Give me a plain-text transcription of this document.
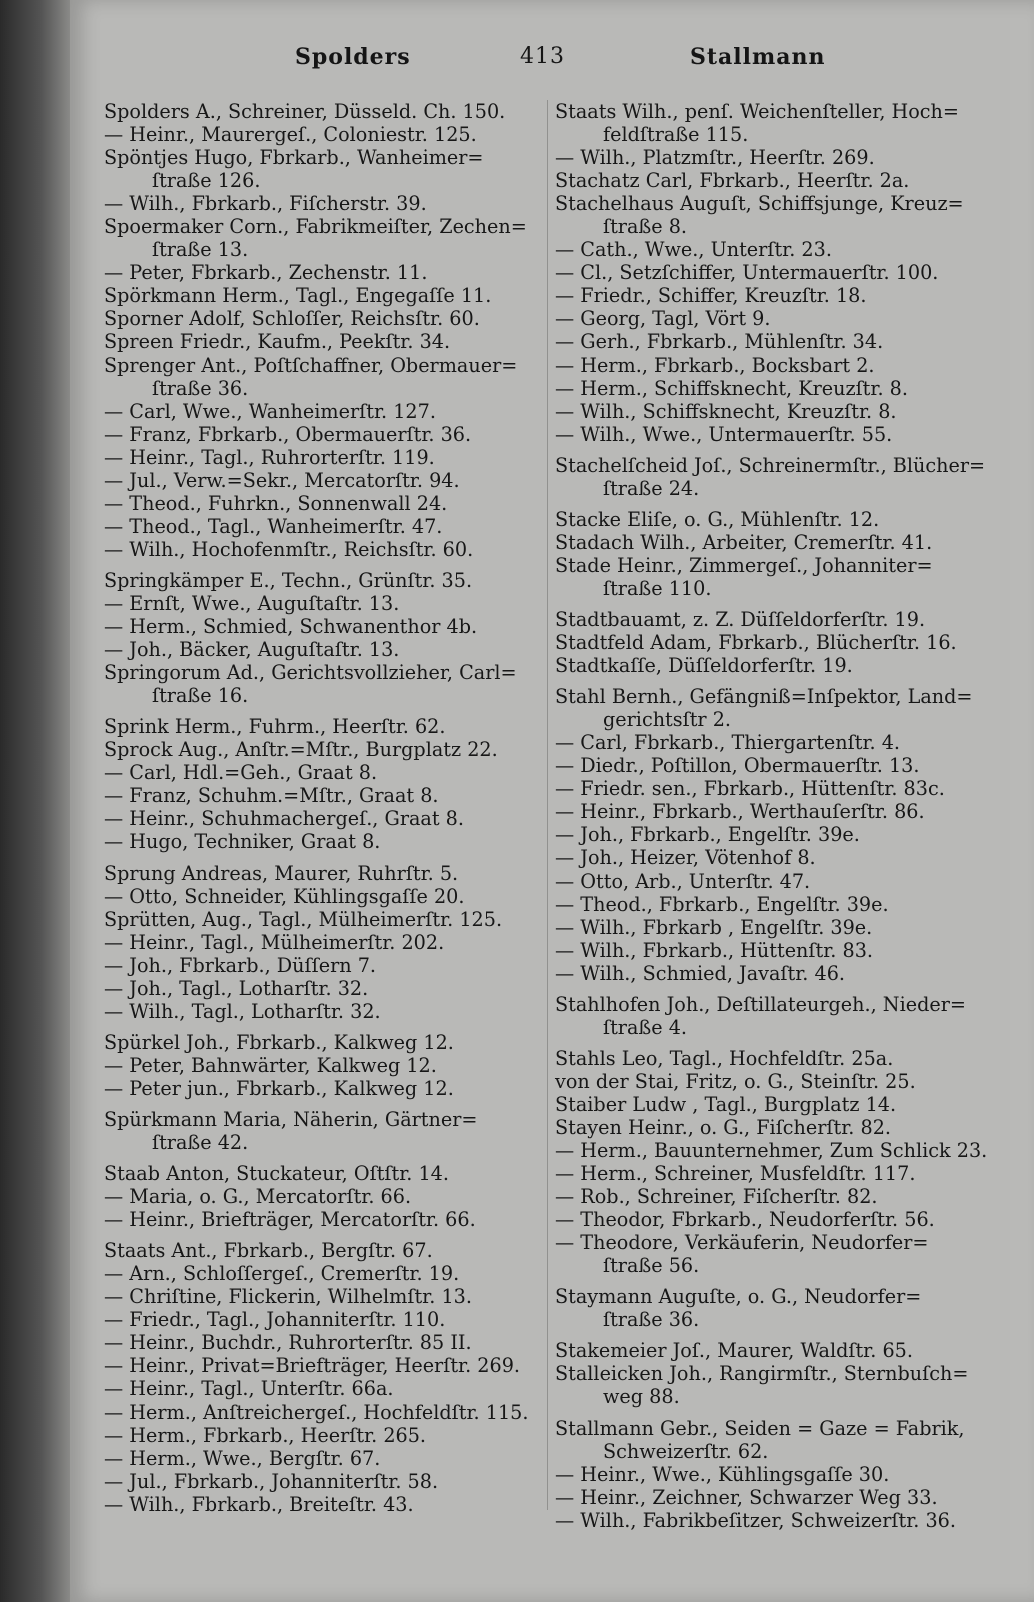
Spolders	413	Stallmann
Spolders A., Schreiner, Düsseld. Ch. 150.
— Heinr., Maurergeſ., Coloniestr. 125.
Spöntjes Hugo, Fbrkarb., Wanheimer=
ſtraße 126.
— Wilh., Fbrkarb., Fiſcherstr. 39.
Spoermaker Corn., Fabrikmeiſter, Zechen=
ſtraße 13.
— Peter, Fbrkarb., Zechenstr. 11.
Spörkmann Herm., Tagl., Engegaſſe 11.
Sporner Adolf, Schloſſer, Reichsſtr. 60.
Spreen Friedr., Kaufm., Peekſtr. 34.
Sprenger Ant., Poſtſchaffner, Obermauer=
ſtraße 36.
— Carl, Wwe., Wanheimerſtr. 127.
— Franz, Fbrkarb., Obermauerſtr. 36.
— Heinr., Tagl., Ruhrorterſtr. 119.
— Jul., Verw.=Sekr., Mercatorſtr. 94.
— Theod., Fuhrkn., Sonnenwall 24.
— Theod., Tagl., Wanheimerſtr. 47.
— Wilh., Hochofenmſtr., Reichsſtr. 60.
Springkämper E., Techn., Grünſtr. 35.
— Ernſt, Wwe., Auguſtaſtr. 13.
— Herm., Schmied, Schwanenthor 4b.
— Joh., Bäcker, Auguſtaſtr. 13.
Springorum Ad., Gerichtsvollzieher, Carl=
ſtraße 16.
Sprink Herm., Fuhrm., Heerſtr. 62.
Sprock Aug., Anſtr.=Mſtr., Burgplatz 22.
— Carl, Hdl.=Geh., Graat 8.
— Franz, Schuhm.=Mſtr., Graat 8.
— Heinr., Schuhmachergeſ., Graat 8.
— Hugo, Techniker, Graat 8.
Sprung Andreas, Maurer, Ruhrſtr. 5.
— Otto, Schneider, Kühlingsgaſſe 20.
Sprütten, Aug., Tagl., Mülheimerſtr. 125.
— Heinr., Tagl., Mülheimerſtr. 202.
— Joh., Fbrkarb., Düſſern 7.
— Joh., Tagl., Lotharſtr. 32.
— Wilh., Tagl., Lotharſtr. 32.
Spürkel Joh., Fbrkarb., Kalkweg 12.
— Peter, Bahnwärter, Kalkweg 12.
— Peter jun., Fbrkarb., Kalkweg 12.
Spürkmann Maria, Näherin, Gärtner=
ſtraße 42.
Staab Anton, Stuckateur, Oſtſtr. 14.
— Maria, o. G., Mercatorſtr. 66.
— Heinr., Briefträger, Mercatorſtr. 66.
Staats Ant., Fbrkarb., Bergſtr. 67.
— Arn., Schloſſergeſ., Cremerſtr. 19.
— Chriſtine, Flickerin, Wilhelmſtr. 13.
— Friedr., Tagl., Johanniterſtr. 110.
— Heinr., Buchdr., Ruhrorterſtr. 85 II.
— Heinr., Privat=Briefträger, Heerſtr. 269.
— Heinr., Tagl., Unterſtr. 66a.
— Herm., Anſtreichergeſ., Hochfeldſtr. 115.
— Herm., Fbrkarb., Heerſtr. 265.
— Herm., Wwe., Bergſtr. 67.
— Jul., Fbrkarb., Johanniterſtr. 58.
— Wilh., Fbrkarb., Breiteſtr. 43.
Staats Wilh., penſ. Weichenſteller, Hoch=
feldſtraße 115.
— Wilh., Platzmſtr., Heerſtr. 269.
Stachatz Carl, Fbrkarb., Heerſtr. 2a.
Stachelhaus Auguſt, Schiffsjunge, Kreuz=
ſtraße 8.
— Cath., Wwe., Unterſtr. 23.
— Cl., Setzſchiffer, Untermauerſtr. 100.
— Friedr., Schiffer, Kreuzſtr. 18.
— Georg, Tagl, Vört 9.
— Gerh., Fbrkarb., Mühlenſtr. 34.
— Herm., Fbrkarb., Bocksbart 2.
— Herm., Schiffsknecht, Kreuzſtr. 8.
— Wilh., Schiffsknecht, Kreuzſtr. 8.
— Wilh., Wwe., Untermauerſtr. 55.
Stachelſcheid Joſ., Schreinermſtr., Blücher=
ſtraße 24.
Stacke Eliſe, o. G., Mühlenſtr. 12.
Stadach Wilh., Arbeiter, Cremerſtr. 41.
Stade Heinr., Zimmergeſ., Johanniter=
ſtraße 110.
Stadtbauamt, z. Z. Düſſeldorferſtr. 19.
Stadtfeld Adam, Fbrkarb., Blücherſtr. 16.
Stadtkaſſe, Düſſeldorferſtr. 19.
Stahl Bernh., Gefängniß=Inſpektor, Land=
gerichtsſtr 2.
— Carl, Fbrkarb., Thiergartenſtr. 4.
— Diedr., Poſtillon, Obermauerſtr. 13.
— Friedr. sen., Fbrkarb., Hüttenſtr. 83c.
— Heinr., Fbrkarb., Werthauſerſtr. 86.
— Joh., Fbrkarb., Engelſtr. 39e.
— Joh., Heizer, Vötenhof 8.
— Otto, Arb., Unterſtr. 47.
— Theod., Fbrkarb., Engelſtr. 39e.
— Wilh., Fbrkarb , Engelſtr. 39e.
— Wilh., Fbrkarb., Hüttenſtr. 83.
— Wilh., Schmied, Javaſtr. 46.
Stahlhofen Joh., Deſtillateurgeh., Nieder=
ſtraße 4.
Stahls Leo, Tagl., Hochfeldſtr. 25a.
von der Stai, Fritz, o. G., Steinſtr. 25.
Staiber Ludw , Tagl., Burgplatz 14.
Stayen Heinr., o. G., Fiſcherſtr. 82.
— Herm., Bauunternehmer, Zum Schlick 23.
— Herm., Schreiner, Musfeldſtr. 117.
— Rob., Schreiner, Fiſcherſtr. 82.
— Theodor, Fbrkarb., Neudorferſtr. 56.
— Theodore, Verkäuferin, Neudorfer=
ſtraße 56.
Staymann Auguſte, o. G., Neudorfer=
ſtraße 36.
Stakemeier Joſ., Maurer, Waldſtr. 65.
Stalleicken Joh., Rangirmſtr., Sternbuſch=
weg 88.
Stallmann Gebr., Seiden = Gaze = Fabrik,
Schweizerſtr. 62.
— Heinr., Wwe., Kühlingsgaſſe 30.
— Heinr., Zeichner, Schwarzer Weg 33.
— Wilh., Fabrikbeſitzer, Schweizerſtr. 36.
